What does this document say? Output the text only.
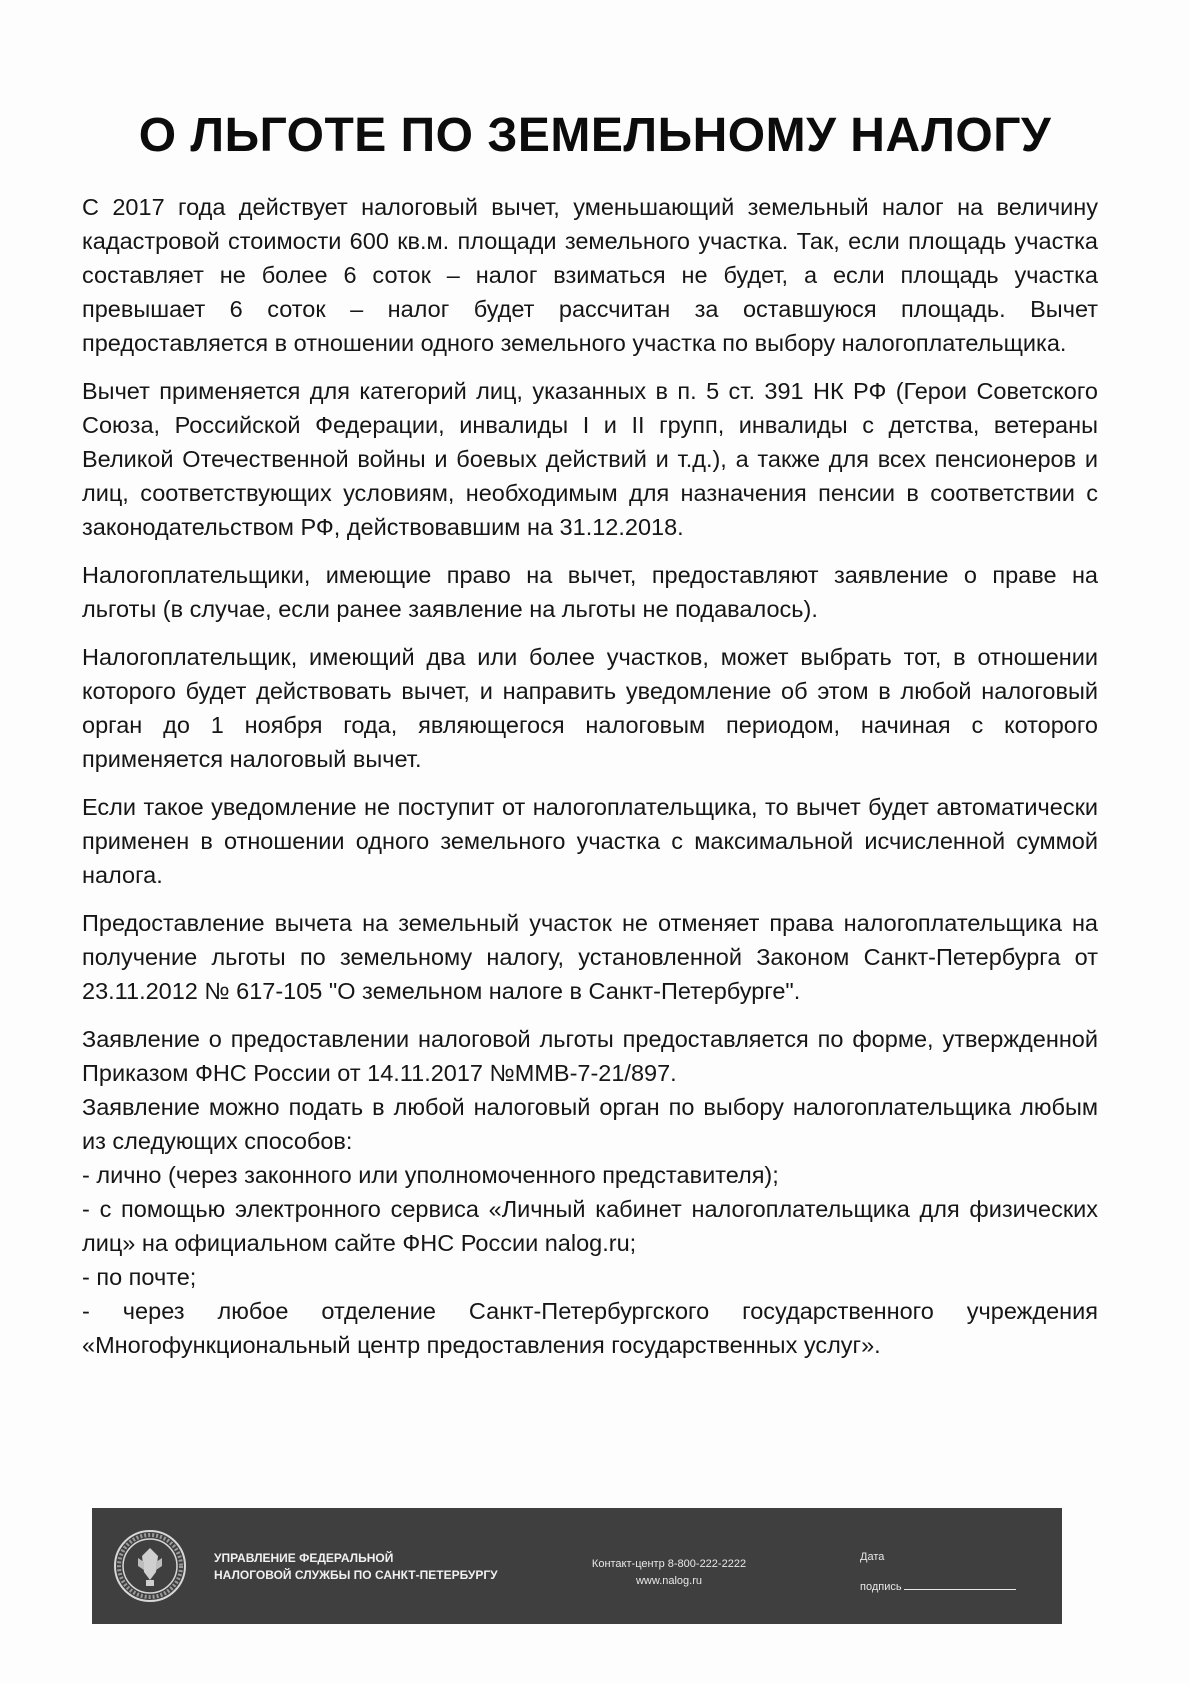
О ЛЬГОТЕ ПО ЗЕМЕЛЬНОМУ НАЛОГУ

С 2017 года действует налоговый вычет, уменьшающий земельный налог на величину кадастровой стоимости 600 кв.м. площади земельного участка. Так, если площадь участка составляет не более 6 соток – налог взиматься не будет, а если площадь участка превышает 6 соток – налог будет рассчитан за оставшуюся площадь. Вычет предоставляется в отношении одного земельного участка по выбору налогоплательщика.

Вычет применяется для категорий лиц, указанных в п. 5 ст. 391 НК РФ (Герои Советского Союза, Российской Федерации, инвалиды I и II групп, инвалиды с детства, ветераны Великой Отечественной войны и боевых действий и т.д.), а также для всех пенсионеров и лиц, соответствующих условиям, необходимым для назначения пенсии в соответствии с законодательством РФ, действовавшим на 31.12.2018.

Налогоплательщики, имеющие право на вычет, предоставляют заявление о праве на льготы (в случае, если ранее заявление на льготы не подавалось).

Налогоплательщик, имеющий два или более участков, может выбрать тот, в отношении которого будет действовать вычет, и направить уведомление об этом в любой налоговый орган до 1 ноября года, являющегося налоговым периодом, начиная с которого применяется налоговый вычет.

Если такое уведомление не поступит от налогоплательщика, то вычет будет автоматически применен в отношении одного земельного участка с максимальной исчисленной суммой налога.

Предоставление вычета на земельный участок не отменяет права налогоплательщика на получение льготы по земельному налогу, установленной Законом Санкт-Петербурга от 23.11.2012 № 617-105 "О земельном налоге в Санкт-Петербурге".

Заявление о предоставлении налоговой льготы предоставляется по форме, утвержденной Приказом ФНС России от 14.11.2017 №ММВ-7-21/897.

Заявление можно подать в любой налоговый орган по выбору налогоплательщика любым из следующих способов:

- лично (через законного или уполномоченного представителя);

- с помощью электронного сервиса «Личный кабинет налогоплательщика для физических лиц» на официальном сайте ФНС России nalog.ru;

- по почте;

- через любое отделение Санкт-Петербургского государственного учреждения «Многофункциональный центр предоставления государственных услуг».

УПРАВЛЕНИЕ ФЕДЕРАЛЬНОЙ
НАЛОГОВОЙ СЛУЖБЫ ПО САНКТ-ПЕТЕРБУРГУ
Контакт-центр 8-800-222-2222
www.nalog.ru
Дата
подпись
